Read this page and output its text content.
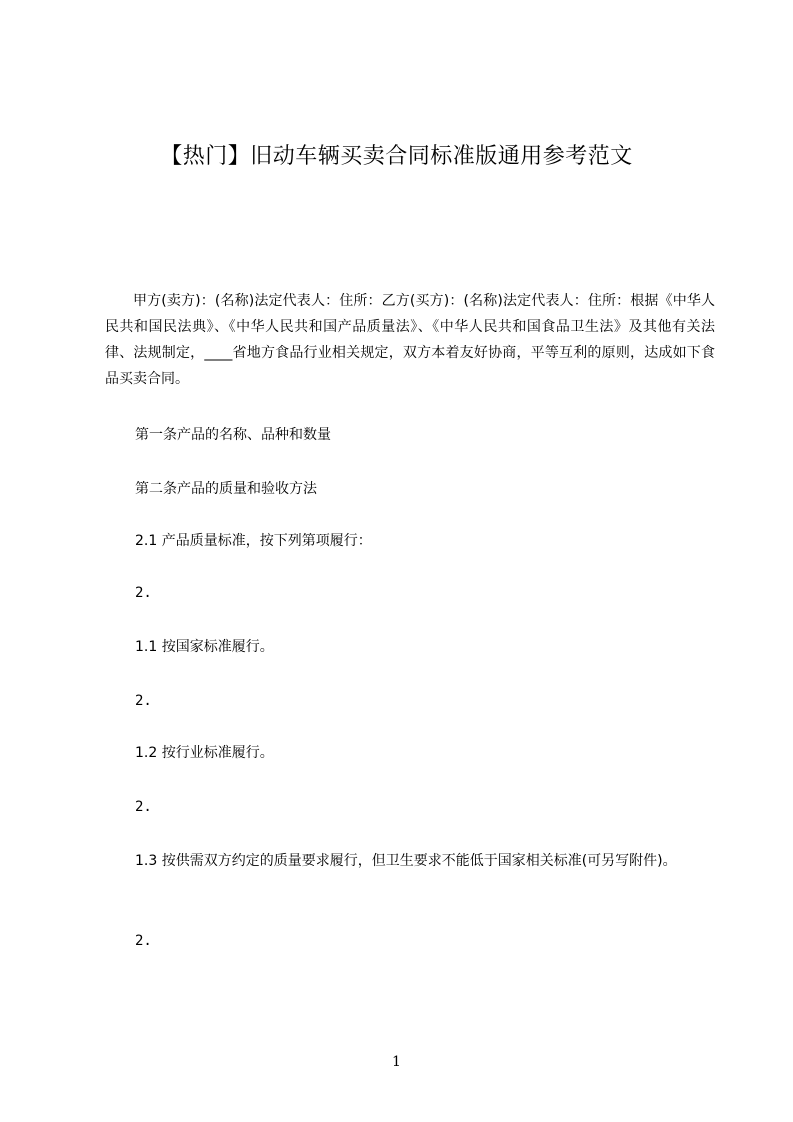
【热门】旧动车辆买卖合同标准版通用参考范文
甲方(卖方)：(名称)法定代表人：住所：乙方(买方)：(名称)法定代表人：住所：根据《中华人民共和国民法典》、《中华人民共和国产品质量法》、《中华人民共和国食品卫生法》及其他有关法律、法规制定，____省地方食品行业相关规定，双方本着友好协商，平等互利的原则，达成如下食品买卖合同。
第一条产品的名称、品种和数量
第二条产品的质量和验收方法
2.1 产品质量标准，按下列第项履行：
2.
1.1 按国家标准履行。
2.
1.2 按行业标准履行。
2.
1.3 按供需双方约定的质量要求履行，但卫生要求不能低于国家相关标准(可另写附件)。
2.
1
